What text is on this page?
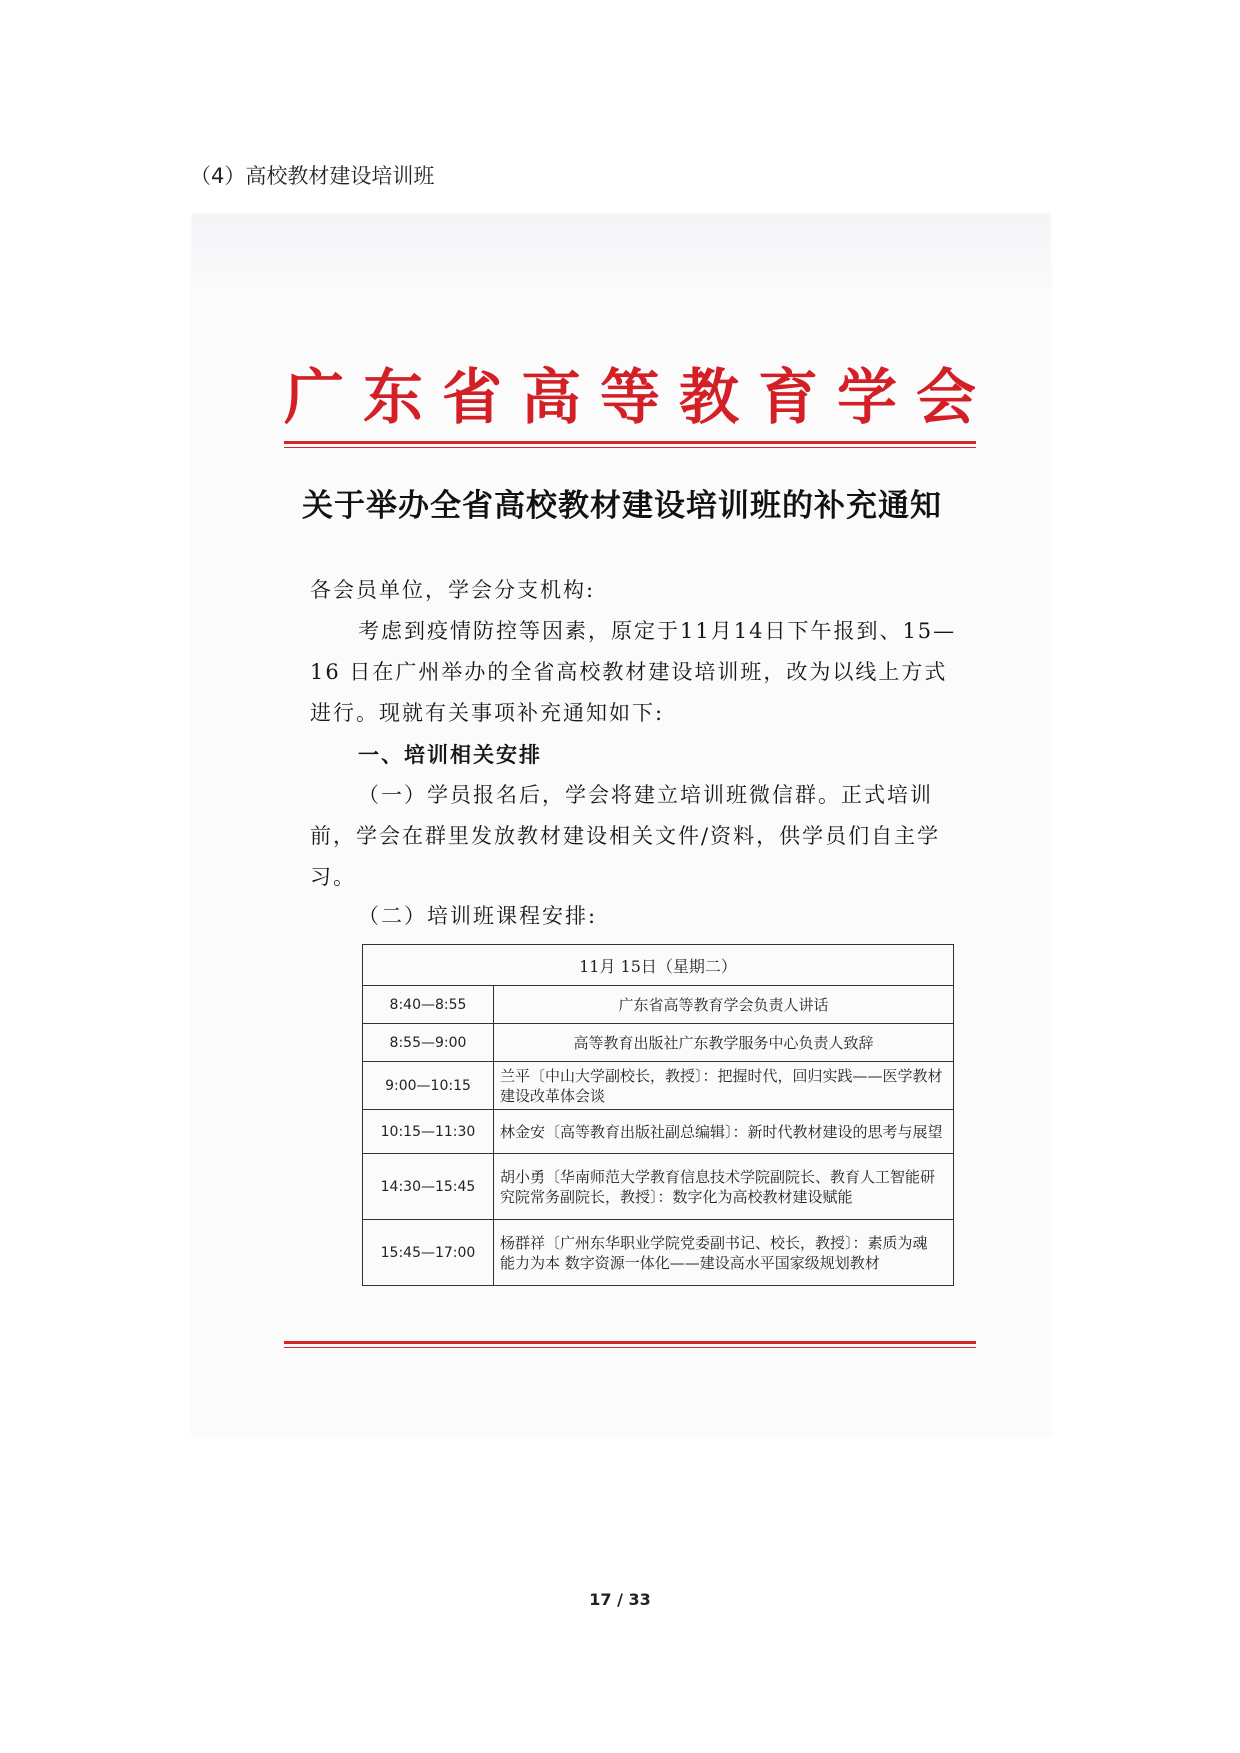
（4）高校教材建设培训班
广 东 省 高 等 教 育 学 会
关于举办全省高校教材建设培训班的补充通知
各会员单位，学会分支机构:
考虑到疫情防控等因素，原定于11月14日下午报到、15—16 日在广州举办的全省高校教材建设培训班，改为以线上方式进行。现就有关事项补充通知如下:
一、培训相关安排
（一）学员报名后，学会将建立培训班微信群。正式培训前，学会在群里发放教材建设相关文件/资料，供学员们自主学习。
（二）培训班课程安排:
11月 15日（星期二）	
8:40—8:55	广东省高等教育学会负责人讲话
8:55—9:00	高等教育出版社广东教学服务中心负责人致辞
9:00—10:15	兰平〔中山大学副校长，教授〕：把握时代，回归实践——医学教材建设改革体会谈
10:15—11:30	林金安〔高等教育出版社副总编辑〕：新时代教材建设的思考与展望
14:30—15:45	胡小勇〔华南师范大学教育信息技术学院副院长、教育人工智能研究院常务副院长，教授〕：数字化为高校教材建设赋能
15:45—17:00	杨群祥〔广州东华职业学院党委副书记、校长，教授〕：素质为魂 能力为本 数字资源一体化——建设高水平国家级规划教材
17 / 33
